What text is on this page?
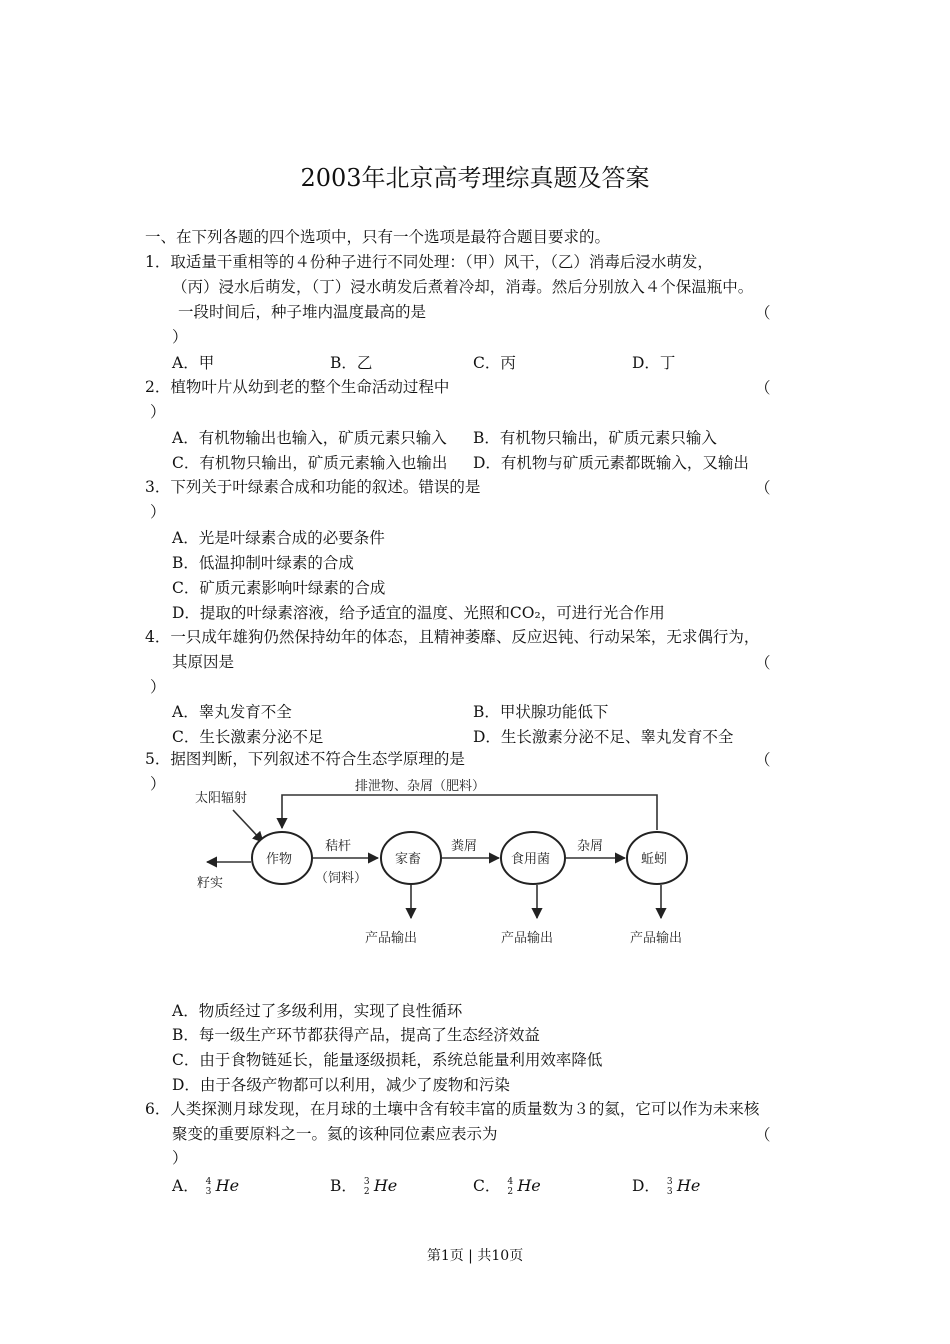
2003年北京高考理综真题及答案
一、在下列各题的四个选项中，只有一个选项是最符合题目要求的。
1．取适量干重相等的４份种子进行不同处理：（甲）风干，（乙）消毒后浸水萌发，
（丙）浸水后萌发，（丁）浸水萌发后煮着冷却，消毒。然后分别放入４个保温瓶中。
一段时间后，种子堆内温度最高的是	（
）
A．甲	B．乙	C．丙	D．丁
2．植物叶片从幼到老的整个生命活动过程中	（
）
A．有机物输出也输入，矿质元素只输入 B．有机物只输出，矿质元素只输入
C．有机物只输出，矿质元素输入也输出 D．有机物与矿质元素都既输入，又输出
3．下列关于叶绿素合成和功能的叙述。错误的是	（
）
A．光是叶绿素合成的必要条件
B．低温抑制叶绿素的合成
C．矿质元素影响叶绿素的合成
D．提取的叶绿素溶液，给予适宜的温度、光照和CO₂，可进行光合作用
4．一只成年雄狗仍然保持幼年的体态，且精神萎靡、反应迟钝、行动呆笨，无求偶行为，
其原因是	（
）
A．睾丸发育不全	B．甲状腺功能低下
C．生长激素分泌不足	D．生长激素分泌不足、睾丸发育不全
5．据图判断，下列叙述不符合生态学原理的是	（
）	排泄物、杂屑（肥料）
太阳辐射
作物	家畜	食用菌	蚯蚓
秸杆
（饲料）
粪屑	杂屑
籽实
产品输出	产品输出	产品输出
A．物质经过了多级利用，实现了良性循环
B．每一级生产环节都获得产品，提高了生态经济效益
C．由于食物链延长，能量逐级损耗，系统总能量利用效率降低
D．由于各级产物都可以利用，减少了废物和污染
6．人类探测月球发现，在月球的土壤中含有较丰富的质量数为３的氦，它可以作为未来核
聚变的重要原料之一。氦的该种同位素应表示为	（
）
A． 4
3 He	B． 3
2 He	C． 4
2 He	D． 3
3 He
第1页 | 共10页
